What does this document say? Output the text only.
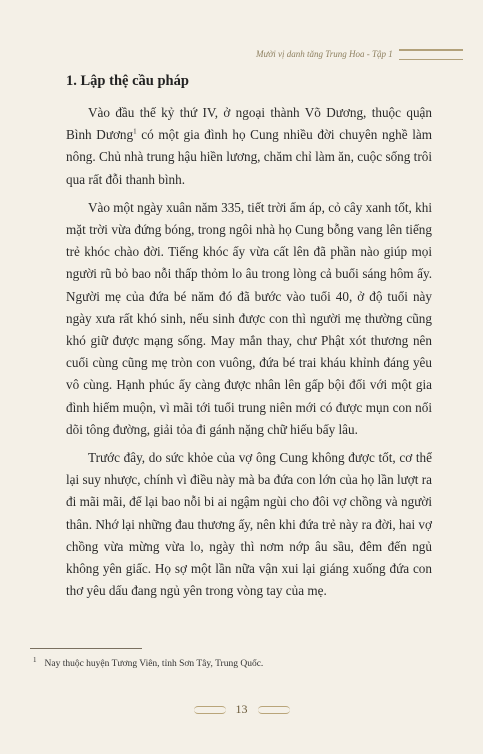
Mười vị danh tăng Trung Hoa - Tập 1
1. Lập thệ cầu pháp

Vào đầu thế kỷ thứ IV, ở ngoại thành Võ Dương, thuộc quận Bình Dương$^1$ có một gia đình họ Cung nhiều đời chuyên nghề làm nông. Chủ nhà trung hậu hiền lương, chăm chỉ làm ăn, cuộc sống trôi qua rất đỗi thanh bình.

Vào một ngày xuân năm 335, tiết trời ấm áp, cỏ cây xanh tốt, khi mặt trời vừa đứng bóng, trong ngôi nhà họ Cung bỗng vang lên tiếng trẻ khóc chào đời. Tiếng khóc ấy vừa cất lên đã phần nào giúp mọi người rũ bỏ bao nỗi thấp thỏm lo âu trong lòng cả buổi sáng hôm ấy. Người mẹ của đứa bé năm đó đã bước vào tuổi 40, ở độ tuổi này ngày xưa rất khó sinh, nếu sinh được con thì người mẹ thường cũng khó giữ được mạng sống. May mắn thay, chư Phật xót thương nên cuối cùng cũng mẹ tròn con vuông, đứa bé trai kháu khỉnh đáng yêu vô cùng. Hạnh phúc ấy càng được nhân lên gấp bội đối với một gia đình hiếm muộn, vì mãi tới tuổi trung niên mới có được mụn con nối dõi tông đường, giải tỏa đi gánh nặng chữ hiếu bấy lâu.

Trước đây, do sức khỏe của vợ ông Cung không được tốt, cơ thể lại suy nhược, chính vì điều này mà ba đứa con lớn của họ lần lượt ra đi mãi mãi, để lại bao nỗi bi ai ngậm ngùi cho đôi vợ chồng và người thân. Nhớ lại những đau thương ấy, nên khi đứa trẻ này ra đời, hai vợ chồng vừa mừng vừa lo, ngày thì nơm nớp âu sầu, đêm đến ngủ không yên giấc. Họ sợ một lần nữa vận xui lại giáng xuống đứa con thơ yêu dấu đang ngủ yên trong vòng tay của mẹ.

$^1$ Nay thuộc huyện Tương Viên, tỉnh Sơn Tây, Trung Quốc.
13
